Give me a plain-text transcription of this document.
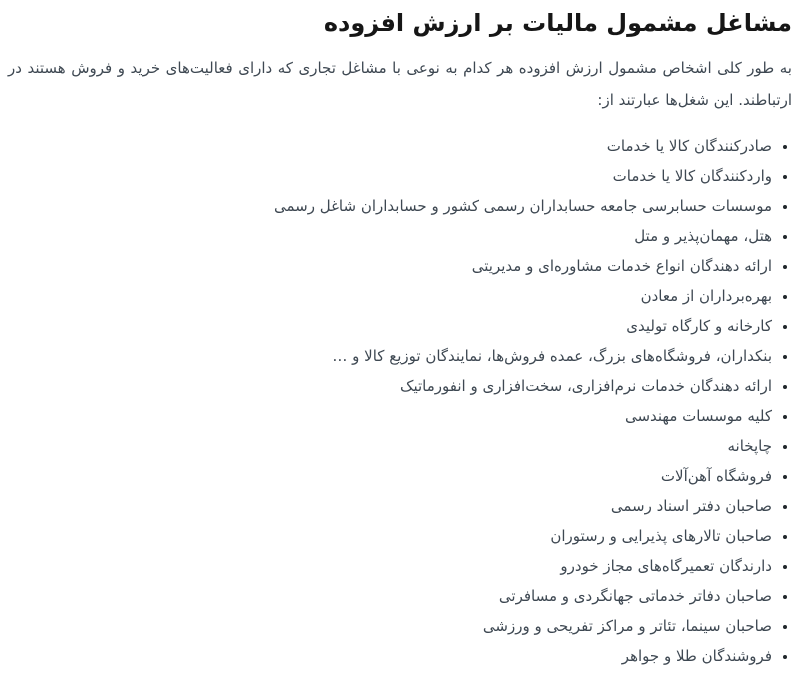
مشاغل مشمول مالیات بر ارزش افزوده

به طور کلی اشخاص مشمول ارزش افزوده هر کدام به نوعی با مشاغل تجاری که دارای فعالیت‌های خرید و فروش هستند در ارتباطند. این شغل‌ها عبارتند از:

• صادرکنندگان کالا یا خدمات
• واردکنندگان کالا یا خدمات
• موسسات حسابرسی جامعه حسابداران رسمی کشور و حسابداران شاغل رسمی
• هتل، مهمان‌پذیر و متل
• ارائه دهندگان انواع خدمات مشاوره‌ای و مدیریتی
• بهره‌برداران از معادن
• کارخانه و کارگاه تولیدی
• بنکداران، فروشگاه‌های بزرگ، عمده فروش‌ها، نمایندگان توزیع کالا و …
• ارائه دهندگان خدمات نرم‌افزاری، سخت‌افزاری و انفورماتیک
• کلیه موسسات مهندسی
• چاپخانه
• فروشگاه آهن‌آلات
• صاحبان دفتر اسناد رسمی
• صاحبان تالارهای پذیرایی و رستوران
• دارندگان تعمیرگاه‌های مجاز خودرو
• صاحبان دفاتر خدماتی جهانگردی و مسافرتی
• صاحبان سینما، تئاتر و مراکز تفریحی و ورزشی
• فروشندگان طلا و جواهر
